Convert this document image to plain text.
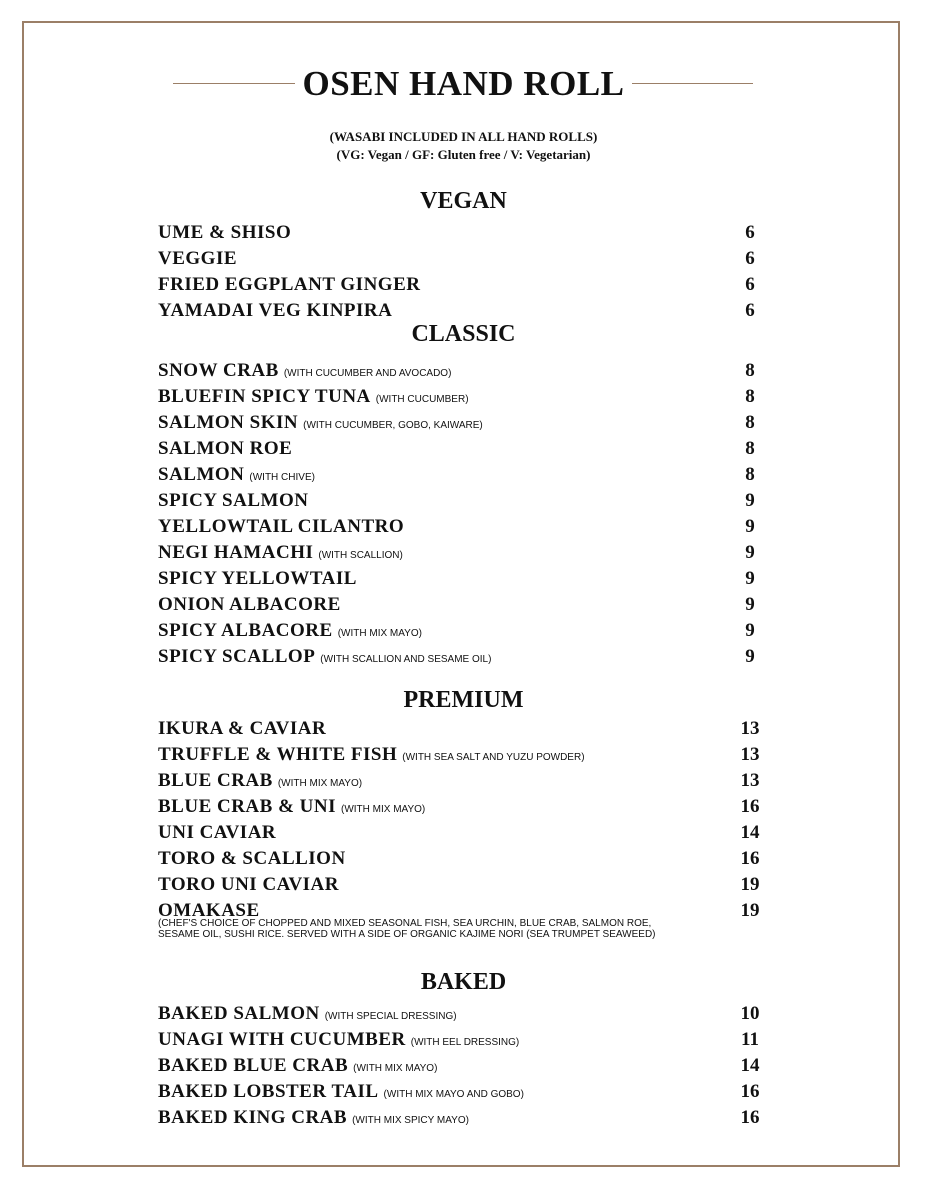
OSEN HAND ROLL
(WASABI INCLUDED IN ALL HAND ROLLS)
(VG: Vegan / GF: Gluten free / V: Vegetarian)
VEGAN
UME & SHISO	6
VEGGIE	6
FRIED EGGPLANT GINGER	6
YAMADAI VEG KINPIRA	6
CLASSIC
SNOW CRAB (WITH CUCUMBER AND AVOCADO)	8
BLUEFIN SPICY TUNA (WITH CUCUMBER)	8
SALMON SKIN (WITH CUCUMBER, GOBO, KAIWARE)	8
SALMON ROE	8
SALMON (WITH CHIVE)	8
SPICY SALMON	9
YELLOWTAIL CILANTRO	9
NEGI HAMACHI (WITH SCALLION)	9
SPICY YELLOWTAIL	9
ONION ALBACORE	9
SPICY ALBACORE (WITH MIX MAYO)	9
SPICY SCALLOP (WITH SCALLION AND SESAME OIL)	9
PREMIUM
IKURA & CAVIAR	13
TRUFFLE & WHITE FISH (WITH SEA SALT AND YUZU POWDER)	13
BLUE CRAB (WITH MIX MAYO)	13
BLUE CRAB & UNI (WITH MIX MAYO)	16
UNI CAVIAR	14
TORO & SCALLION	16
TORO UNI CAVIAR	19
OMAKASE	19
(CHEF'S CHOICE OF CHOPPED AND MIXED SEASONAL FISH, SEA URCHIN, BLUE CRAB, SALMON ROE, SESAME OIL, SUSHI RICE. SERVED WITH A SIDE OF ORGANIC KAJIME NORI (SEA TRUMPET SEAWEED)
BAKED
BAKED SALMON (WITH SPECIAL DRESSING)	10
UNAGI WITH CUCUMBER (WITH EEL DRESSING)	11
BAKED BLUE CRAB (WITH MIX MAYO)	14
BAKED LOBSTER TAIL (WITH MIX MAYO AND GOBO)	16
BAKED KING CRAB (WITH MIX SPICY MAYO)	16
